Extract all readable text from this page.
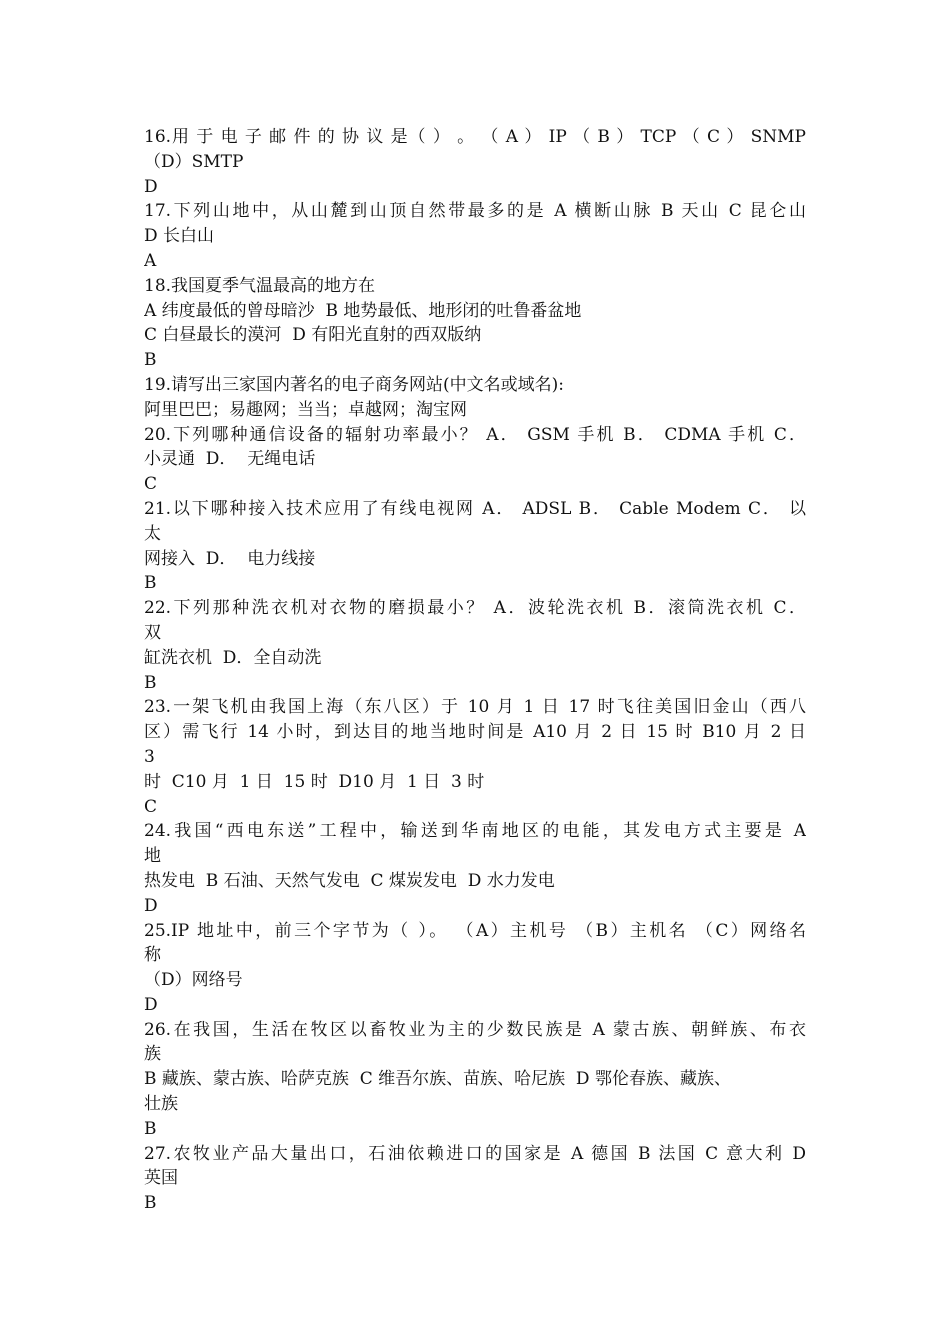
16.用 于 电 子 邮 件 的 协 议 是（ ） 。 （ A ） IP （ B ） TCP （ C ） SNMP
（D）SMTP
D
17.下列山地中，从山麓到山顶自然带最多的是 A 横断山脉 B 天山 C 昆仑山
D 长白山
A
18.我国夏季气温最高的地方在
A 纬度最低的曾母暗沙  B 地势最低、地形闭的吐鲁番盆地
C 白昼最长的漠河  D 有阳光直射的西双版纳
B
19.请写出三家国内著名的电子商务网站(中文名或域名):
阿里巴巴；易趣网；当当；卓越网；淘宝网
20.下列哪种通信设备的辐射功率最小？ A． GSM 手机 B． CDMA 手机 C．
小灵通  D．  无绳电话
C
21.以下哪种接入技术应用了有线电视网 A． ADSL B． Cable Modem C． 以
太
网接入  D．  电力线接
B
22.下列那种洗衣机对衣物的磨损最小？ A．波轮洗衣机 B．滚筒洗衣机 C．
双
缸洗衣机  D．全自动洗
B
23.一架飞机由我国上海（东八区）于 10 月 1 日 17 时飞往美国旧金山（西八
区）需飞行 14 小时，到达目的地当地时间是 A10 月 2 日 15 时 B10 月 2 日
3
时  C10 月  1 日  15 时  D10 月  1 日  3 时
C
24.我国“西电东送”工程中，输送到华南地区的电能，其发电方式主要是 A
地
热发电  B 石油、天然气发电  C 煤炭发电  D 水力发电
D
25.IP 地址中，前三个字节为（ ）。 （A）主机号 （B）主机名 （C）网络名
称
（D）网络号
D
26.在我国，生活在牧区以畜牧业为主的少数民族是 A 蒙古族、朝鲜族、布衣
族
B 藏族、蒙古族、哈萨克族  C 维吾尔族、苗族、哈尼族  D 鄂伦春族、藏族、
壮族
B
27.农牧业产品大量出口，石油依赖进口的国家是 A 德国 B 法国 C 意大利 D
英国
B
